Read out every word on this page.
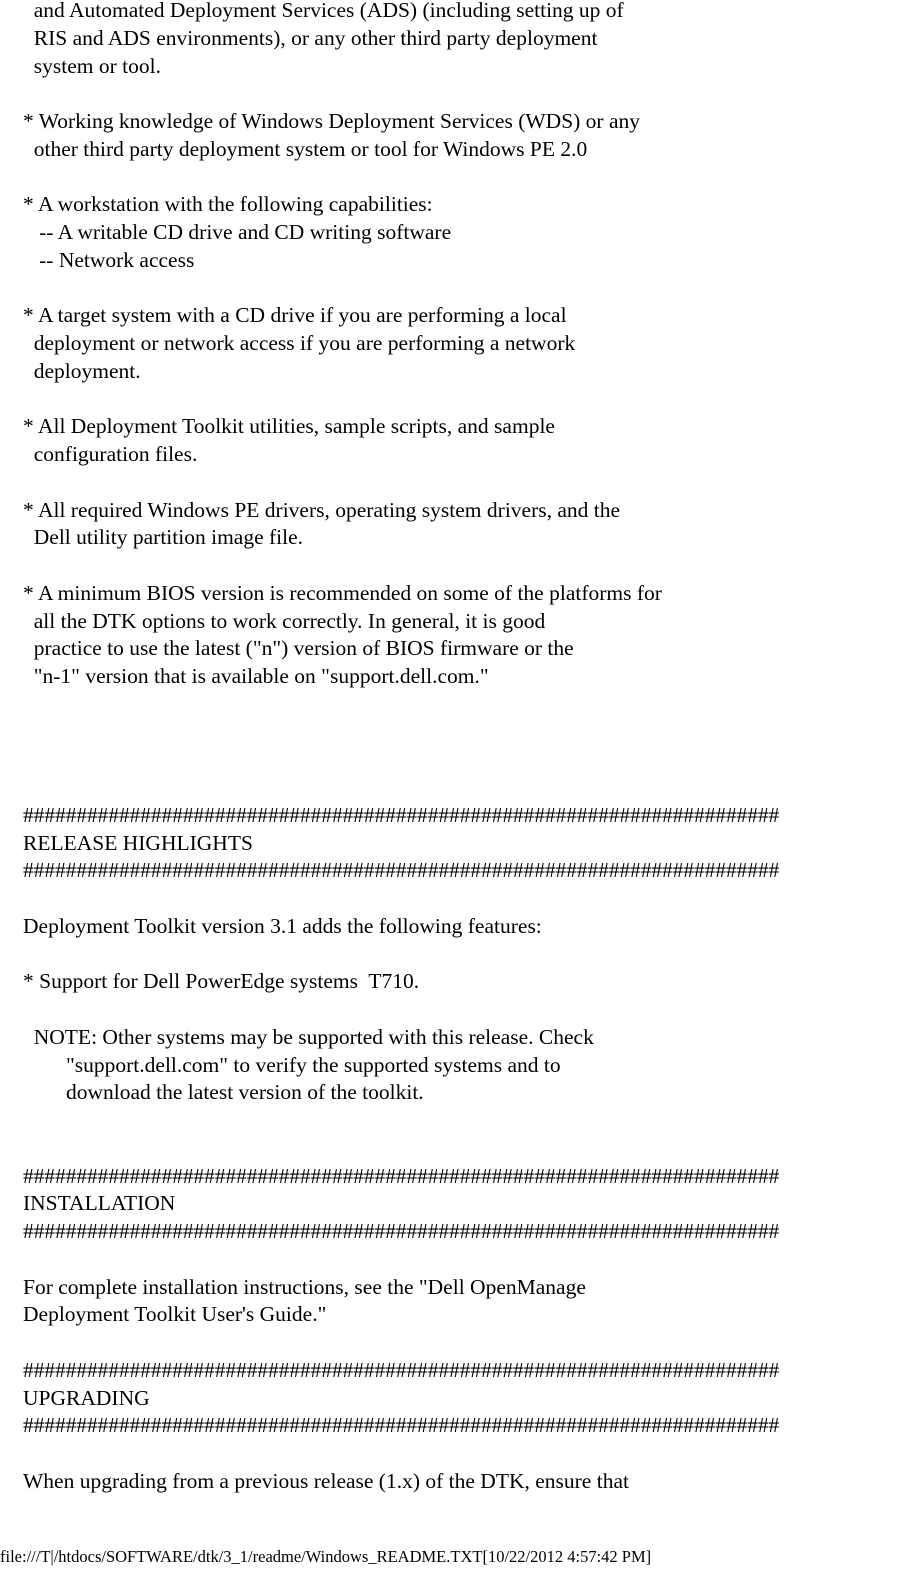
and Automated Deployment Services (ADS) (including setting up of
RIS and ADS environments), or any other third party deployment
system or tool.
* Working knowledge of Windows Deployment Services (WDS) or any
other third party deployment system or tool for Windows PE 2.0
* A workstation with the following capabilities:
-- A writable CD drive and CD writing software
-- Network access
* A target system with a CD drive if you are performing a local
deployment or network access if you are performing a network
deployment.
* All Deployment Toolkit utilities, sample scripts, and sample
configuration files.
* All required Windows PE drivers, operating system drivers, and the
Dell utility partition image file.
* A minimum BIOS version is recommended on some of the platforms for
all the DTK options to work correctly. In general, it is good
practice to use the latest ("n") version of BIOS firmware or the
"n-1" version that is available on "support.dell.com."
#######################################################################
RELEASE HIGHLIGHTS
#######################################################################
Deployment Toolkit version 3.1 adds the following features:
* Support for Dell PowerEdge systems  T710.
NOTE: Other systems may be supported with this release. Check
"support.dell.com" to verify the supported systems and to
download the latest version of the toolkit.
#######################################################################
INSTALLATION
#######################################################################
For complete installation instructions, see the "Dell OpenManage
Deployment Toolkit User's Guide."
#######################################################################
UPGRADING
#######################################################################
When upgrading from a previous release (1.x) of the DTK, ensure that
file:///T|/htdocs/SOFTWARE/dtk/3_1/readme/Windows_README.TXT[10/22/2012 4:57:42 PM]
